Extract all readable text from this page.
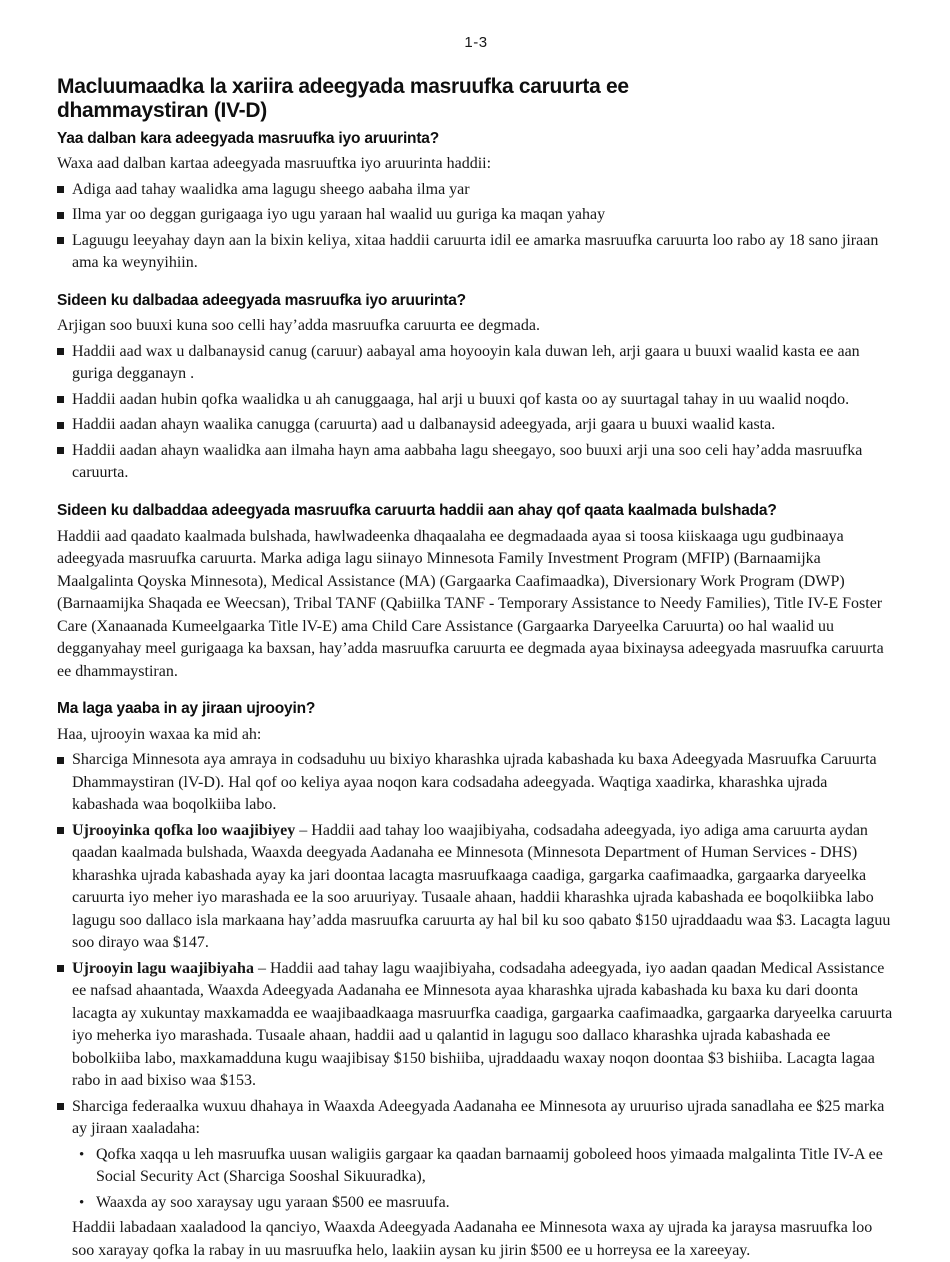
1-3
Macluumaadka la xariira adeegyada masruufka caruurta ee dhammaystiran (IV-D)
Yaa dalban kara adeegyada masruufka iyo aruurinta?

Waxa aad dalban kartaa adeegyada masruuftka iyo aruurinta haddii:

Adiga aad tahay waalidka ama lagugu sheego aabaha ilma yar
Ilma yar oo deggan gurigaaga iyo ugu yaraan hal waalid uu guriga ka maqan yahay
Laguugu leeyahay dayn aan la bixin keliya, xitaa haddii caruurta idil ee amarka masruufka caruurta loo rabo ay 18 sano jiraan ama ka weynyihiin.
Sideen ku dalbadaa adeegyada masruufka iyo aruurinta?

Arjigan soo buuxi kuna soo celli hay’adda masruufka caruurta ee degmada.

Haddii aad wax u dalbanaysid canug (caruur) aabayal ama hoyooyin kala duwan leh, arji gaara u buuxi waalid kasta ee aan guriga degganayn .
Haddii aadan hubin qofka waalidka u ah canuggaaga, hal arji u buuxi qof kasta oo ay suurtagal tahay in uu waalid noqdo.
Haddii aadan ahayn waalika canugga (caruurta) aad u dalbanaysid adeegyada, arji gaara u buuxi waalid kasta.
Haddii aadan ahayn waalidka aan ilmaha hayn ama aabbaha lagu sheegayo, soo buuxi arji una soo celi hay’adda masruufka caruurta.
Sideen ku dalbaddaa adeegyada masruufka caruurta haddii aan ahay qof qaata kaalmada bulshada?

Haddii aad qaadato kaalmada bulshada, hawlwadeenka dhaqaalaha ee degmadaada ayaa si toosa kiiskaaga ugu gudbinaaya adeegyada masruufka caruurta. Marka adiga lagu siinayo Minnesota Family Investment Program (MFIP) (Barnaamijka Maalgalinta Qoyska Minnesota), Medical Assistance (MA) (Gargaarka Caafimaadka), Diversionary Work Program (DWP) (Barnaamijka Shaqada ee Weecsan), Tribal TANF (Qabiilka TANF - Temporary Assistance to Needy Families), Title IV-E Foster Care (Xanaanada Kumeelgaarka Title lV-E) ama Child Care Assistance (Gargaarka Daryeelka Caruurta) oo hal waalid uu degganyahay meel gurigaaga ka baxsan, hay’adda masruufka caruurta ee degmada ayaa bixinaysa adeegyada masruufka caruurta ee dhammaystiran.

Ma laga yaaba in ay jiraan ujrooyin?

Haa, ujrooyin waxaa ka mid ah:

Sharciga Minnesota aya amraya in codsaduhu uu bixiyo kharashka ujrada kabashada ku baxa Adeegyada Masruufka Caruurta Dhammaystiran (lV-D). Hal qof oo keliya ayaa noqon kara codsadaha adeegyada. Waqtiga xaadirka, kharashka ujrada kabashada waa boqolkiiba labo.
Ujrooyinka qofka loo waajibiyey – Haddii aad tahay loo waajibiyaha, codsadaha adeegyada, iyo adiga ama caruurta aydan qaadan kaalmada bulshada, Waaxda deegyada Aadanaha ee Minnesota (Minnesota Department of Human Services - DHS) kharashka ujrada kabashada ayay ka jari doontaa lacagta masruufkaaga caadiga, gargarka caafimaadka, gargaarka daryeelka caruurta iyo meher iyo marashada ee la soo aruuriyay. Tusaale ahaan, haddii kharashka ujrada kabashada ee boqolkiibka labo lagugu soo dallaco isla markaana hay’adda masruufka caruurta ay hal bil ku soo qabato $150 ujraddaadu waa $3. Lacagta laguu soo dirayo waa $147.
Ujrooyin lagu waajibiyaha – Haddii aad tahay lagu waajibiyaha, codsadaha adeegyada, iyo aadan qaadan Medical Assistance ee nafsad ahaantada, Waaxda Adeegyada Aadanaha ee Minnesota ayaa kharashka ujrada kabashada ku baxa ku dari doonta lacagta ay xukuntay maxkamadda ee waajibaadkaaga masruurfka caadiga, gargaarka caafimaadka, gargaarka daryeelka caruurta iyo meherka iyo marashada. Tusaale ahaan, haddii aad u qalantid in lagugu soo dallaco kharashka ujrada kabashada ee bobolkiiba labo, maxkamadduna kugu waajibisay $150 bishiiba, ujraddaadu waxay noqon doontaa $3 bishiiba. Lacagta lagaa rabo in aad bixiso waa $153.
Sharciga federaalka wuxuu dhahaya in Waaxda Adeegyada Aadanaha ee Minnesota ay uruuriso ujrada sanadlaha ee $25 marka ay jiraan xaaladaha:
• Qofka xaqqa u leh masruufka uusan waligiis gargaar ka qaadan barnaamij goboleed hoos yimaada malgalinta Title IV-A ee Social Security Act (Sharciga Sooshal Sikuuradka),
• Waaxda ay soo xaraysay ugu yaraan $500 ee masruufa.

Haddii labadaan xaaladood la qanciyo, Waaxda Adeegyada Aadanaha ee Minnesota waxa ay ujrada ka jaraysa masruufka loo soo xarayay qofka la rabay in uu masruufka helo, laakiin aysan ku jirin $500 ee u horreysa ee la xareeyay.
